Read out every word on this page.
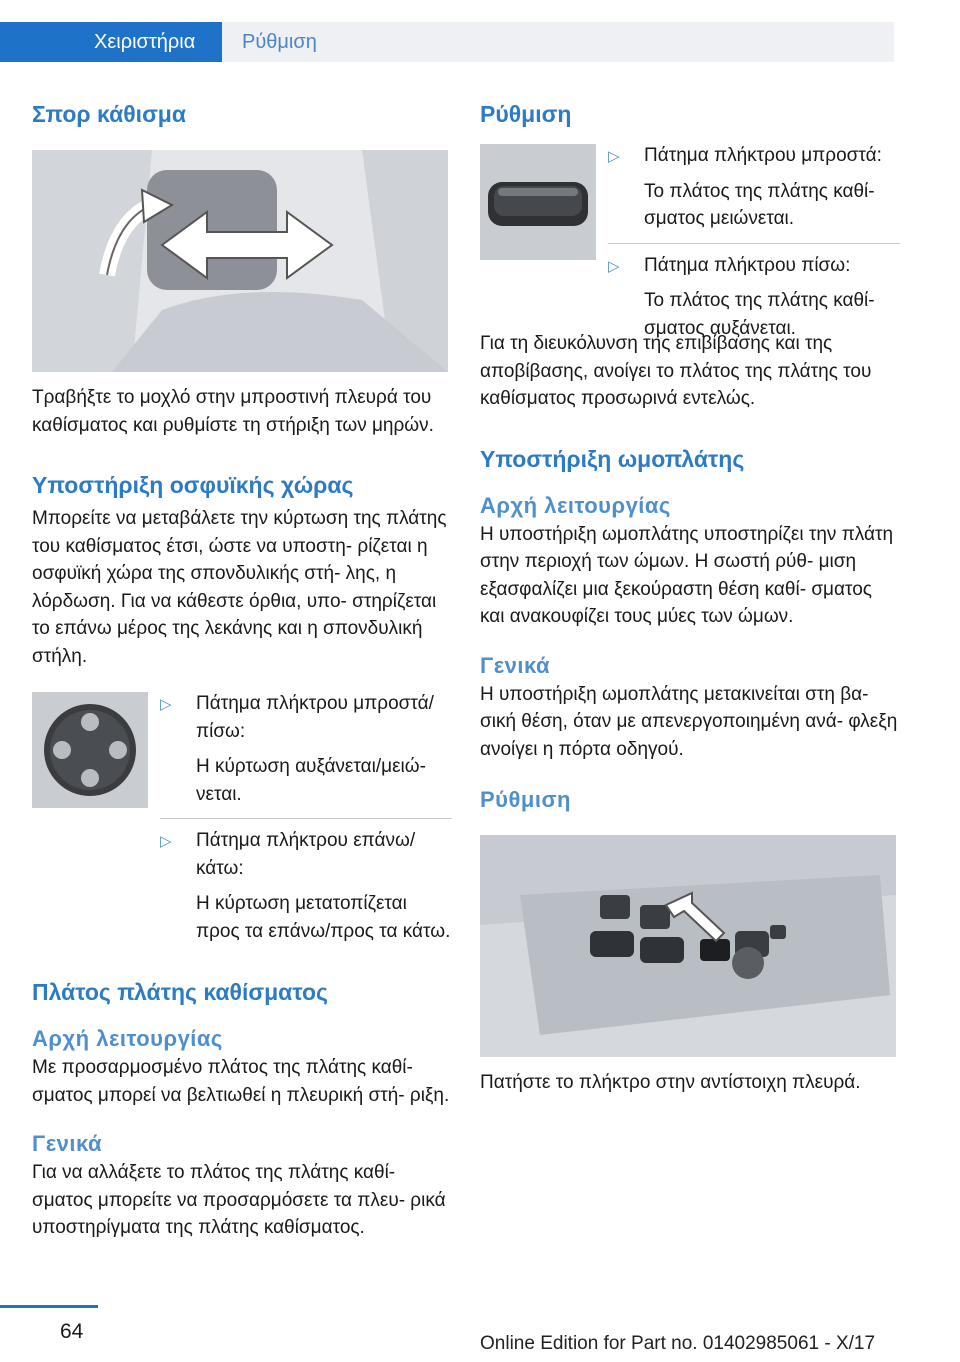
Χειριστήρια	Ρύθμιση
Σπορ κάθισμα

Τραβήξτε το μοχλό στην μπροστινή πλευρά του καθίσματος και ρυθμίστε τη στήριξη των μηρών.

Υποστήριξη οσφυϊκής χώρας

Μπορείτε να μεταβάλετε την κύρτωση της πλάτης του καθίσματος έτσι, ώστε να υποστη‐ ρίζεται η οσφυϊκή χώρα της σπονδυλικής στή‐ λης, η λόρδωση. Για να κάθεστε όρθια, υπο‐ στηρίζεται το επάνω μέρος της λεκάνης και η σπονδυλική στήλη.

▷ Πάτημα πλήκτρου μπροστά/ πίσω:
Η κύρτωση αυξάνεται/μειώ‐ νεται.
▷ Πάτημα πλήκτρου επάνω/ κάτω:
Η κύρτωση μετατοπίζεται προς τα επάνω/προς τα κάτω.
Πλάτος πλάτης καθίσματος
Αρχή λειτουργίας

Με προσαρμοσμένο πλάτος της πλάτης καθί‐ σματος μπορεί να βελτιωθεί η πλευρική στή‐ ριξη.

Γενικά

Για να αλλάξετε το πλάτος της πλάτης καθί‐ σματος μπορείτε να προσαρμόσετε τα πλευ‐ ρικά υποστηρίγματα της πλάτης καθίσματος.

Ρύθμιση
▷ Πάτημα πλήκτρου μπροστά:
Το πλάτος της πλάτης καθί‐ σματος μειώνεται.
▷ Πάτημα πλήκτρου πίσω:
Το πλάτος της πλάτης καθί‐ σματος αυξάνεται.

Για τη διευκόλυνση της επιβίβασης και της αποβίβασης, ανοίγει το πλάτος της πλάτης του καθίσματος προσωρινά εντελώς.

Υποστήριξη ωμοπλάτης
Αρχή λειτουργίας

Η υποστήριξη ωμοπλάτης υποστηρίζει την πλάτη στην περιοχή των ώμων. Η σωστή ρύθ‐ μιση εξασφαλίζει μια ξεκούραστη θέση καθί‐ σματος και ανακουφίζει τους μύες των ώμων.

Γενικά

Η υποστήριξη ωμοπλάτης μετακινείται στη βα‐ σική θέση, όταν με απενεργοποιημένη ανά‐ φλεξη ανοίγει η πόρτα οδηγού.

Ρύθμιση

Πατήστε το πλήκτρο στην αντίστοιχη πλευρά.

64
Online Edition for Part no. 01402985061 - X/17
